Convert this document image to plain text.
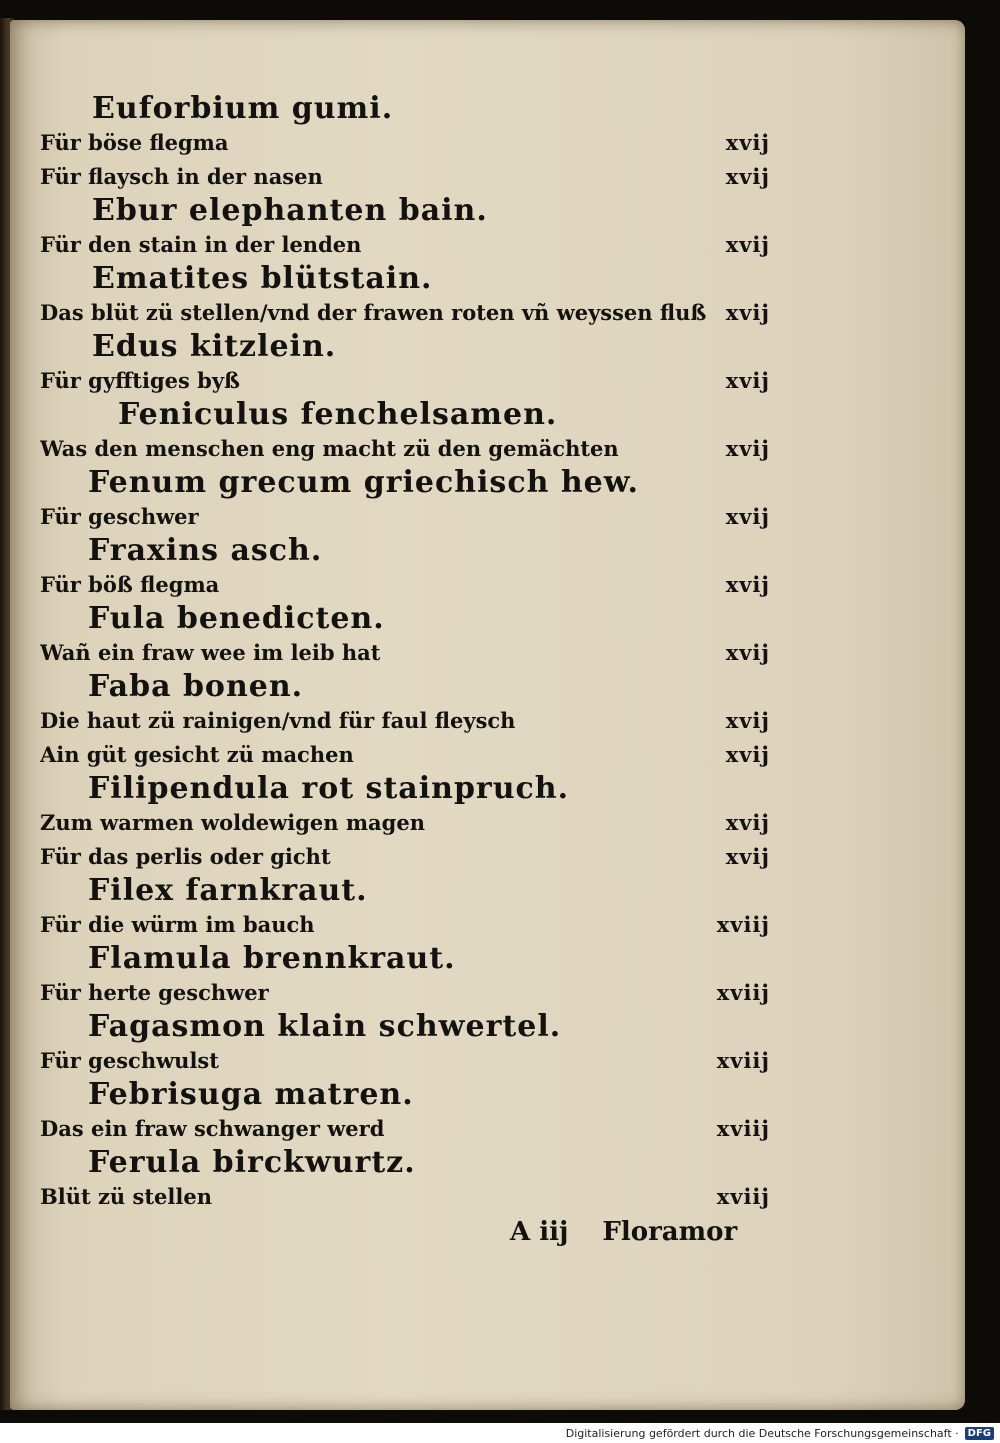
Euforbium gumi.
Für böse flegma	xvij
Für flaysch in der nasen	xvij
Ebur elephanten bain.
Für den stain in der lenden	xvij
Ematites blütstain.
Das blüt zü stellen/vnd der frawen roten vñ weyssen fluß xvij
Edus kitzlein.
Für gyfftiges byß	xvij
Feniculus fenchelsamen.
Was den menschen eng macht zü den gemächten	xvij
Fenum grecum griechisch hew.
Für geschwer	xvij
Fraxins asch.
Für böß flegma	xvij
Fula benedicten.
Wañ ein fraw wee im leib hat	xvij
Faba bonen.
Die haut zü rainigen/vnd für faul fleysch	xvij
Ain güt gesicht zü machen	xvij
Filipendula rot stainpruch.
Zum warmen woldewigen magen	xvij
Für das perlis oder gicht	xvij
Filex farnkraut.
Für die würm im bauch	xviij
Flamula brennkraut.
Für herte geschwer	xviij
Fagasmon klain schwertel.
Für geschwulst	xviij
Febrisuga matren.
Das ein fraw schwanger werd	xviij
Ferula birckwurtz.
Blüt zü stellen	xviij
A iij Floramor
Digitalisierung gefördert durch die Deutsche Forschungsgemeinschaft · DFG
